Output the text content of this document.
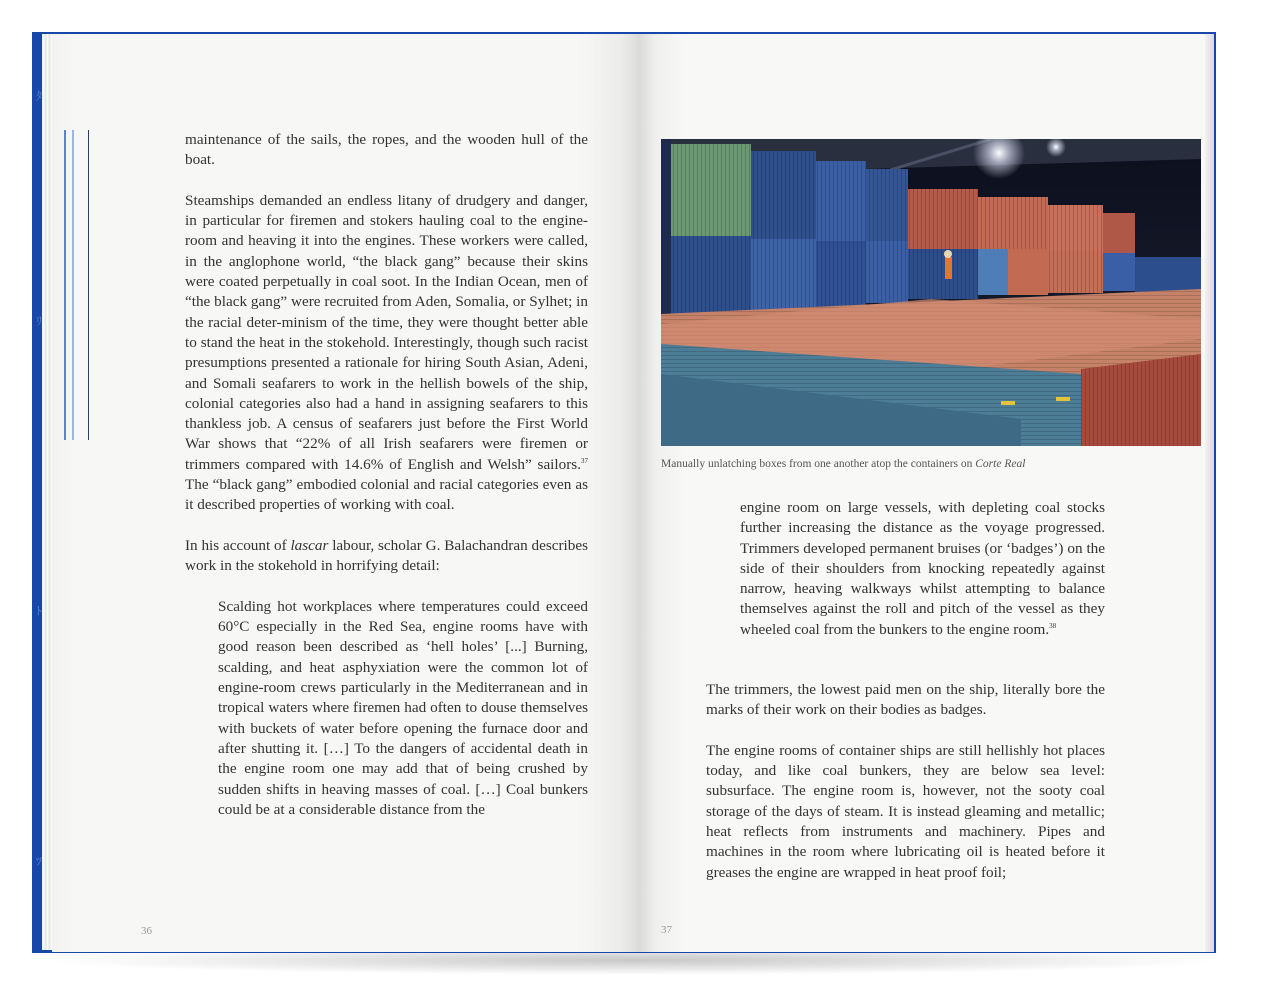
ﾀ
ﾘ
ﾄ
ﾂ

maintenance of the sails, the ropes, and the wooden hull of the boat.

Steamships demanded an endless litany of drudgery and danger, in particular for firemen and stokers hauling coal to the engine-room and heaving it into the engines. These workers were called, in the anglophone world, “the black gang” because their skins were coated perpetually in coal soot. In the Indian Ocean, men of “the black gang” were recruited from Aden, Somalia, or Sylhet; in the racial deter-minism of the time, they were thought better able to stand the heat in the stokehold. Interestingly, though such racist presumptions presented a rationale for hiring South Asian, Adeni, and Somali seafarers to work in the hellish bowels of the ship, colonial categories also had a hand in assigning seafarers to this thankless job. A census of seafarers just before the First World War shows that “22% of all Irish seafarers were firemen or trimmers compared with 14.6% of English and Welsh” sailors.$^{37}$ The “black gang” embodied colonial and racial categories even as it described properties of working with coal.

In his account of lascar labour, scholar G. Balachandran describes work in the stokehold in horrifying detail:

Scalding hot workplaces where temperatures could exceed 60°C especially in the Red Sea, engine rooms have with good reason been described as ‘hell holes’ [...] Burning, scalding, and heat asphyxiation were the common lot of engine-room crews particularly in the Mediterranean and in tropical waters where firemen had often to douse themselves with buckets of water before opening the furnace door and after shutting it. […] To the dangers of accidental death in the engine room one may add that of being crushed by sudden shifts in heaving masses of coal. […] Coal bunkers could be at a considerable distance from the

36
Manually unlatching boxes from one another atop the containers on Corte Real
engine room on large vessels, with depleting coal stocks further increasing the distance as the voyage progressed. Trimmers developed permanent bruises (or ‘badges’) on the side of their shoulders from knocking repeatedly against narrow, heaving walkways whilst attempting to balance themselves against the roll and pitch of the vessel as they wheeled coal from the bunkers to the engine room.$^{38}$

The trimmers, the lowest paid men on the ship, literally bore the marks of their work on their bodies as badges.

The engine rooms of container ships are still hellishly hot places today, and like coal bunkers, they are below sea level: subsurface. The engine room is, however, not the sooty coal storage of the days of steam. It is instead gleaming and metallic; heat reflects from instruments and machinery. Pipes and machines in the room where lubricating oil is heated before it greases the engine are wrapped in heat proof foil;

37
